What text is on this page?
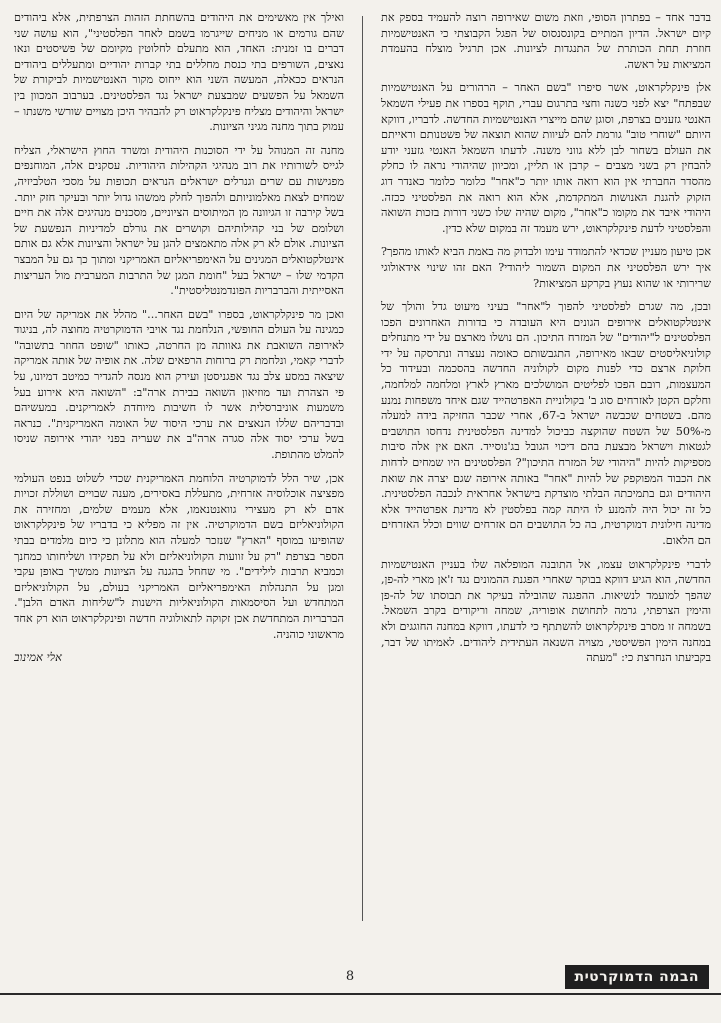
בדבר אחד – בפתרון הסופי, וזאת משום שאירופה רוצה להעמיד בספק את קיום ישראל. הדיון המתיים בקונסנסוס של הפגל הקבוצתי כי האנטישמיות חוזרת תחת הכותרת של התנגדות לציונות. אכן תרגיל מוצלח בהעמדת המציאות על ראשה.

אלן פינקלקראוט, אשר סיפרו "בשם האחר – הרהורים על האנטישמיות שבפתח" יצא לפני כשנה וחצי בתרגום עברי, תוקף בספרו את פעילי השמאל האנטי גזענים בצרפת, וסוגן שהם מייצרי האנטישמיות החדשה. לדבריו, דווקא היותם "שוחרי טוב" גורמת להם לעיוות שהוא תוצאה של פשטנותם וראייתם את העולם בשחור לבן ללא גווני משנה. לדעתו השמאל האנטי גזעני יודע להבחין רק בשני מצבים – קרבן או תליין, ומכיוון שהיהודי נראה לו כחלק מהסדר החברתי אין הוא רואה אותו יותר כ"אחר" כלומר כלומר כאנדר דוג הזקוק להגנת האנושות המתקדמת, אלא הוא רואה את הפלסטיני ככזה. היהודי איבד את מקומו כ"אחר", מקום שהיה שלו כשני דורות בזכות השואה והפלסטיני לדעת פינקלקראוט, ירש מעמד זה במקום שלא כדין.

אכן טיעון מעניין שכדאי להתמודד עימו ולבדוק מה באמת הביא לאותו מהפך? איך ירש הפלסטיני את המקום השמור ליהודי? האם זהו שינוי אידאולוגי שרירותי או שהוא נעוץ בקרקע המציאות?

ובכן, מה שגרם לפלסטיני להפוך ל"אחר" בעיני מיעוט גדל והולך של אינטלקטואלים אירופים הגונים היא העובדה כי בדורות האחרונים הפכו הפלסטינים ל"יהודים" של המזרח התיכון. הם נושלו מארצם על ידי מתנחלים קולוניאליסטים שבאו מאירופה, התגבשותם כאומה נעצרה ונתרסקה על ידי חלוקת ארצם כדי לפנות מקום לקולוניה החדשה בהסכמה ובעידוד כל המעצמות, רובם הפכו לפליטים המושלכים מארץ לארץ ומלחמה למלחמה, וחלקם הקטן לאזרחים סוג ב' בקולוניית האפרטהייד שגם איחד משפחות נמנע מהם. בשטחים שכבשה ישראל ב-67, אחרי שכבר החזיקה בידה למעלה מ-50% של השטח שהוקצה כביכול למדינה הפלסטינית נדחסו התושבים לגטאות וישראל מבצעת בהם דיכוי הגובל בג'נוסייד. האם אין אלה סיבות מספיקות להיות "היהודי של המזרח התיכון"? הפלסטינים היו שמחים לדחות את הכבוד המפוקפק של להיות "אחר" באותה אירופה שגם יצרה את שואת היהודים וגם בתמיכתה הבלתי מוצדקת בישראל אחראית לנכבה הפלסטינית. כל זה יכול היה להמנע לו היתה קמה בפלסטין לא מדינת אפרטהייד אלא מדינה חילונית דמוקרטית, בה כל התושבים הם אזרחים שווים וכלל האזרחים הם הלאום.

לדברי פינקלקראוט עצמו, אל התובנה המופלאה שלו בעניין האנטישמיות החדשה, הוא הגיע דווקא בבוקר שאחרי הפגנת ההמונים נגד ז'אן מארי לה-פן, שהפך למועמד לנשיאות. ההפגנה שהובילה בעיקר את תבוסתו של לה-פן והימין הצרפתי, גרמה לתחושת אופוריה, שמחה וריקודים בקרב השמאל. בשמחה זו מסרב פינקלקראוט להשתתף כי לדעתו, דווקא במחנה החוגגים ולא במחנה הימין הפשיסטי, מצויה השנאה העתידית ליהודים. לאמיתו של דבר, בקביעתו הנחרצת כי: "מעתה

ואילך אין מאשימים את היהודים בהשחתת הזהות הצרפתית, אלא ביהודים שהם גורמים או מניחים שייגרמו בשמם לאחר הפלסטיני", הוא עושה שני דברים בו זמנית: האחד, הוא מתעלם לחלוטין מקיומם של פשיסטים ונאו נאצים, השורפים בתי כנסת מחללים בתי קברות יהודיים ומתעללים ביהודים הנראים ככאלה, המעשה השני הוא ייחוס מקור האנטישמיות לביקורת של השמאל על הפשעים שמבצעת ישראל נגד הפלסטינים. בערבוב המכוון בין ישראל והיהודים מצליח פינקלקראוט רק להבהיר היכן מצויים שורשי משנתו – עמוק בתוך מחנה מגיני הציונות.

מחנה זה המנוהל על ידי הסוכנות היהודית ומשרד החוץ הישראלי, הצליח לגייס לשורותיו את רוב מנהיגי הקהילות היהודיות. עסקנים אלה, המוחנפים מפגישות עם שרים וגנרלים ישראלים הנראים תכופות על מסכי הטלביזיה, שמחים לצאת מאלמוניותם ולהפוך לחלק ממשהו גדול יותר ובעיקר חזק יותר. בשל קירבה זו הגיוונה מן המיתוסים הציוניים, מסכנים מנהיגים אלה את חיים ושלומם של בני קהילותיהם וקושרים את גורלם למדיניות הנפשעת של הציונות. אולם לא רק אלה מתאמצים להגן על ישראל והציונות אלא גם אותם אינטלקטואלים המגינים על האימפריאליזם האמריקני ומתוך כך גם על המבצר הקדמי שלו – ישראל בעל "חומת המגן של התרבות המערבית מול העריצות האסייתית והברבריות הפונדמנטליסטית".

ואכן מר פינקלקראוט, בספרו "בשם האחר..." מהלל את אמריקה של היום כמגינה על העולם החופשי, הנלחמת נגד אויבי הדמוקרטיה מחוצה לה, בניגוד לאירופה השואבת את גאוותה מן החרטה, כאותו "שופט החוזר בתשובה" לדברי קאמי, ונלחמת רק ברוחות הרפאים שלה. את אופיה של אותה אמריקה שיצאה במסע צלב נגד אפגניסטן ועירק הוא מנסה להגדיר כמיטב דמיונו, על פי הצהרת ועד מוזיאון השואה בבירת ארה"ב: "השואה היא אירוע בעל משמעות אוניברסלית אשר לו חשיבות מיוחדת לאמריקנים. במעשיהם ובדבריהם שללו הנאצים את ערכי היסוד של האומה האמריקנית". כנראה בשל ערכי יסוד אלה סגרה ארה"ב את שעריה בפני יהודי אירופה שניסו להמלט מהתופת.

אכן, שיר הלל לדמוקרטיה הלוחמת האמריקנית שכדי לשלוט בנפט העולמי מפציצה אוכלוסיה אזרחית, מתעללת באסירים, מענה שבויים ושוללת זכויות אדם לא רק מעצירי גוואנטנאמו, אלא מעמים שלמים, ומחזירה את הקולוניאליזם בשם הדמוקרטיה. אין זה מפליא כי בדבריו של פינקלקראוט שהופיעו במוסף "הארץ" שנזכר למעלה הוא מתלונן כי כיום מלמדים בבתי הספר בצרפת "רק על זוועות הקולוניאליזם ולא על תפקידו ושליחותו כמחנך וכמביא תרבות לילידים". מי שחחל בהגנה על הציונות ממשיך באופן עקבי ומגן על התנהלות האימפריאליזם האמריקני בעולם, על הקולוניאליזם המתחדש ועל הסיסמאות הקולוניאליות הישנות ל"שליחות האדם הלבן". הברבריות המתחדשת אכן זקוקה לתאולוגיה חדשה ופינקלקראוט הוא רק אחד מראשוני כוהניה.

אלי אמינוב
8	הבמה הדמוקרטית
